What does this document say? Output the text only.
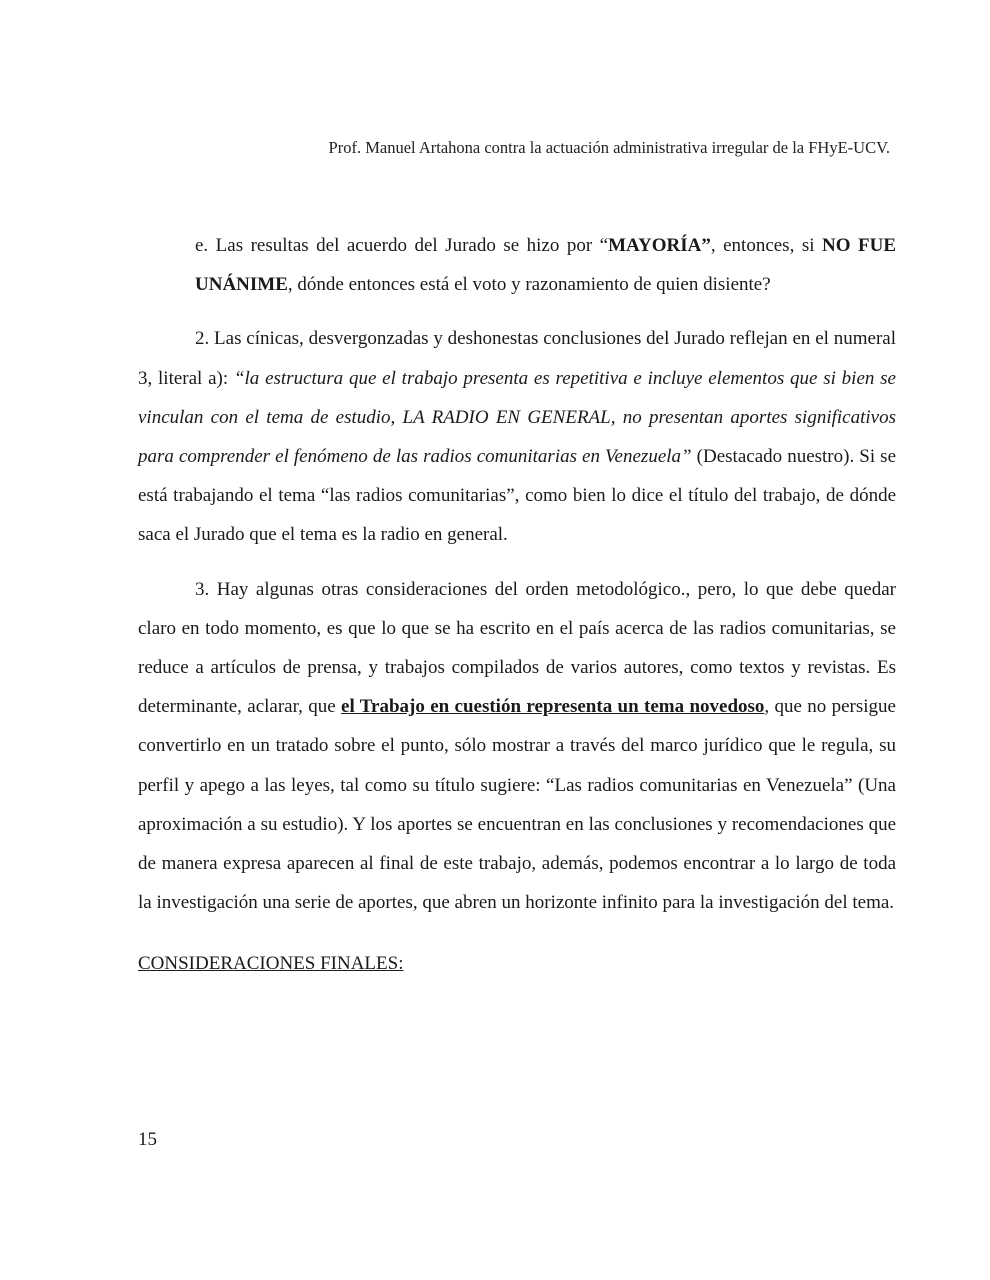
Prof. Manuel Artahona contra la actuación administrativa irregular de la FHyE-UCV.

e. Las resultas del acuerdo del Jurado se hizo por “MAYORÍA”, entonces, si NO FUE UNÁNIME, dónde entonces está el voto y razonamiento de quien disiente?

2. Las cínicas, desvergonzadas y deshonestas conclusiones del Jurado reflejan en el numeral 3, literal a): “la estructura que el trabajo presenta es repetitiva e incluye elementos que si bien se vinculan con el tema de estudio, LA RADIO EN GENERAL, no presentan aportes significativos para comprender el fenómeno de las radios comunitarias en Venezuela” (Destacado nuestro). Si se está trabajando el tema “las radios comunitarias”, como bien lo dice el título del trabajo, de dónde saca el Jurado que el tema es la radio en general.

3. Hay algunas otras consideraciones del orden metodológico., pero, lo que debe quedar claro en todo momento, es que lo que se ha escrito en el país acerca de las radios comunitarias, se reduce a artículos de prensa, y trabajos compilados de varios autores, como textos y revistas. Es determinante, aclarar, que el Trabajo en cuestión representa un tema novedoso, que no persigue convertirlo en un tratado sobre el punto, sólo mostrar a través del marco jurídico que le regula, su perfil y apego a las leyes, tal como su título sugiere: “Las radios comunitarias en Venezuela” (Una aproximación a su estudio). Y los aportes se encuentran en las conclusiones y recomendaciones que de manera expresa aparecen al final de este trabajo, además, podemos encontrar a lo largo de toda la investigación una serie de aportes, que abren un horizonte infinito para la investigación del tema.

CONSIDERACIONES FINALES:

15
